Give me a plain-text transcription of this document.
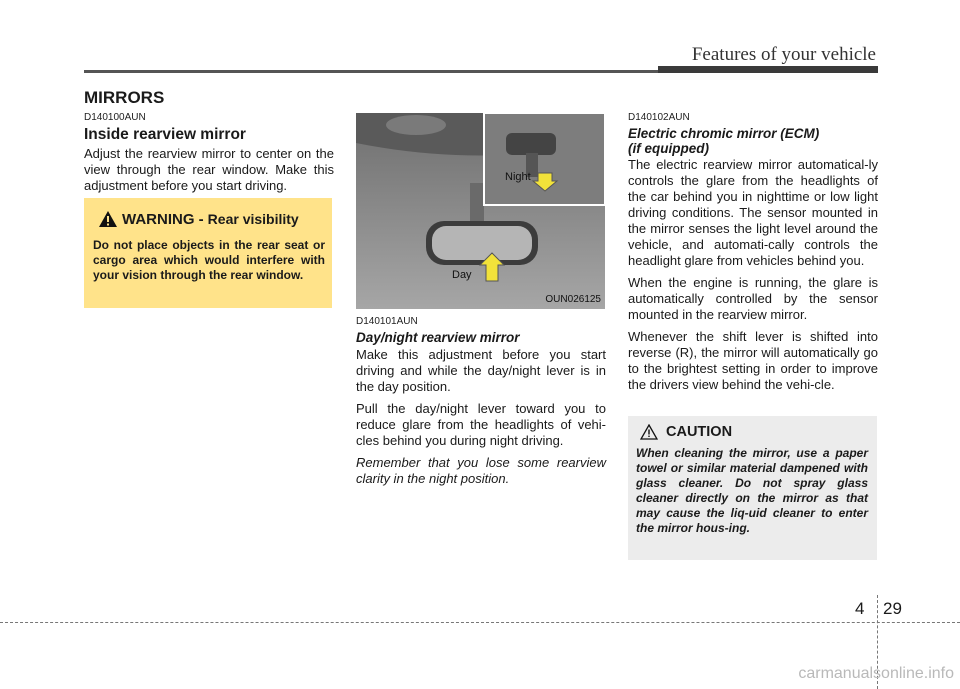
Features of your vehicle
MIRRORS
D140100AUN
Inside rearview mirror

Adjust the rearview mirror to center on the view through the rear window. Make this adjustment before you start driving.

WARNING - Rear visibility
Do not place objects in the rear seat or cargo area which would interfere with your vision through the rear window.
Night
Day
OUN026125
D140101AUN
Day/night rearview mirror

Make this adjustment before you start driving and while the day/night lever is in the day position.

Pull the day/night lever toward you to reduce glare from the headlights of vehi-cles behind you during night driving.

Remember that you lose some rearview clarity in the night position.

D140102AUN
Electric chromic mirror (ECM)
(if equipped)

The electric rearview mirror automatical-ly controls the glare from the headlights of the car behind you in nighttime or low light driving conditions. The sensor mounted in the mirror senses the light level around the vehicle, and automati-cally controls the headlight glare from vehicles behind you.

When the engine is running, the glare is automatically controlled by the sensor mounted in the rearview mirror.

Whenever the shift lever is shifted into reverse (R), the mirror will automatically go to the brightest setting in order to improve the drivers view behind the vehi-cle.

CAUTION
When cleaning the mirror, use a paper towel or similar material dampened with glass cleaner. Do not spray glass cleaner directly on the mirror as that may cause the liq-uid cleaner to enter the mirror hous-ing.
4 29
carmanualsonline.info
